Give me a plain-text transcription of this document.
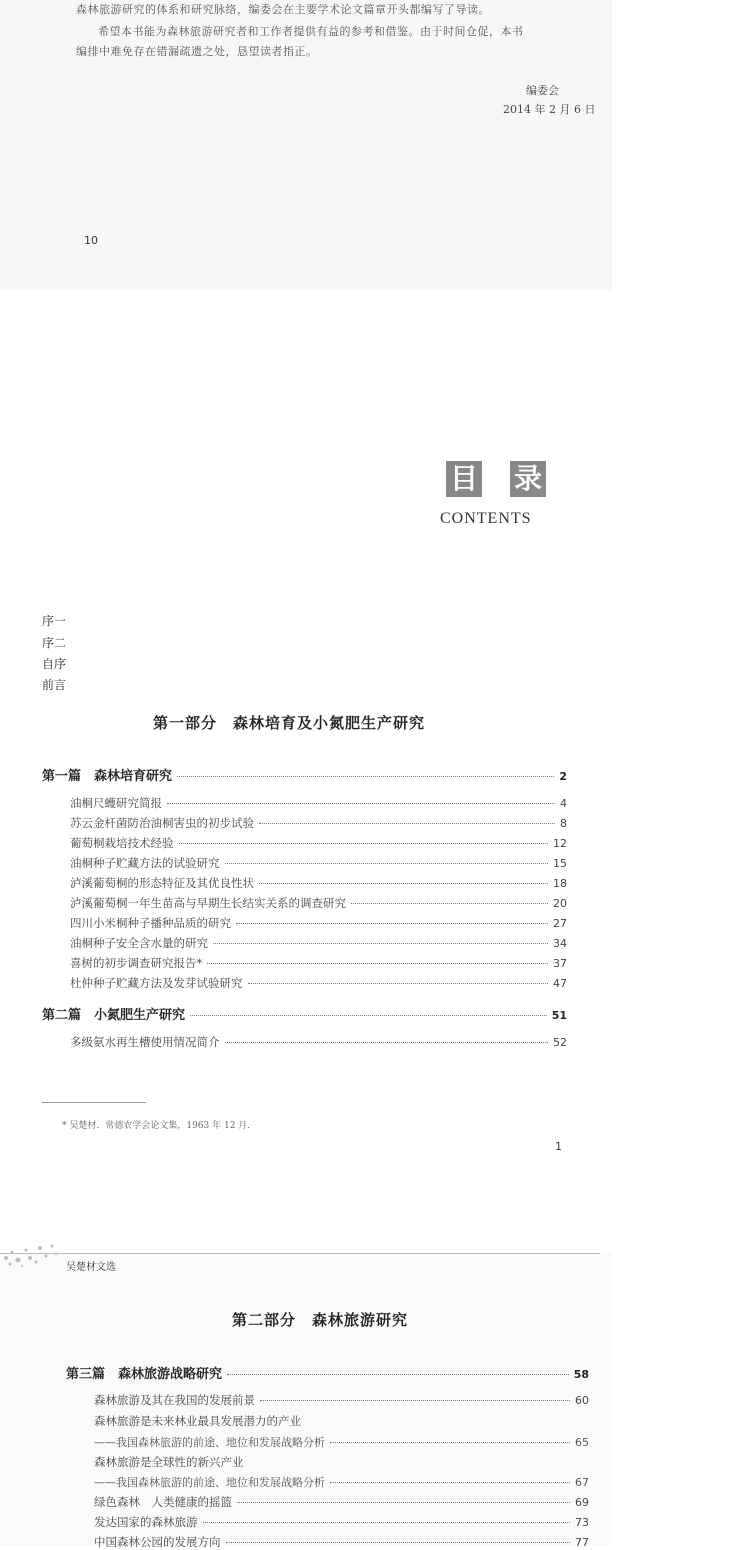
森林旅游研究的体系和研究脉络，编委会在主要学术论文篇章开头都编写了导读。
希望本书能为森林旅游研究者和工作者提供有益的参考和借鉴。由于时间仓促，本书
编排中难免存在错漏疏遗之处，恳望读者指正。
编委会
2014 年 2 月 6 日
10
目 录
CONTENTS
序一
序二
自序
前言
第一部分　森林培育及小氮肥生产研究
第一篇　森林培育研究	2
油桐尺蠖研究简报	4
苏云金杆菌防治油桐害虫的初步试验	8
葡萄桐栽培技术经验	12
油桐种子贮藏方法的试验研究	15
泸溪葡萄桐的形态特征及其优良性状	18
泸溪葡萄桐一年生苗高与早期生长结实关系的调查研究	20
四川小米桐种子播种品质的研究	27
油桐种子安全含水量的研究	34
喜树的初步调查研究报告*	37
杜仲种子贮藏方法及发芽试验研究	47
第二篇　小氮肥生产研究	51
多级氨水再生槽使用情况简介	52
* 吴楚材．常德农学会论文集，1963 年 12 月．
1
吴楚材文选
第二部分　森林旅游研究
第三篇　森林旅游战略研究	58
森林旅游及其在我国的发展前景	60
森林旅游是未来林业最具发展潜力的产业
——我国森林旅游的前途、地位和发展战略分析	65
森林旅游是全球性的新兴产业
——我国森林旅游的前途、地位和发展战略分析	67
绿色森林　人类健康的摇篮	69
发达国家的森林旅游	73
中国森林公园的发展方向	77
